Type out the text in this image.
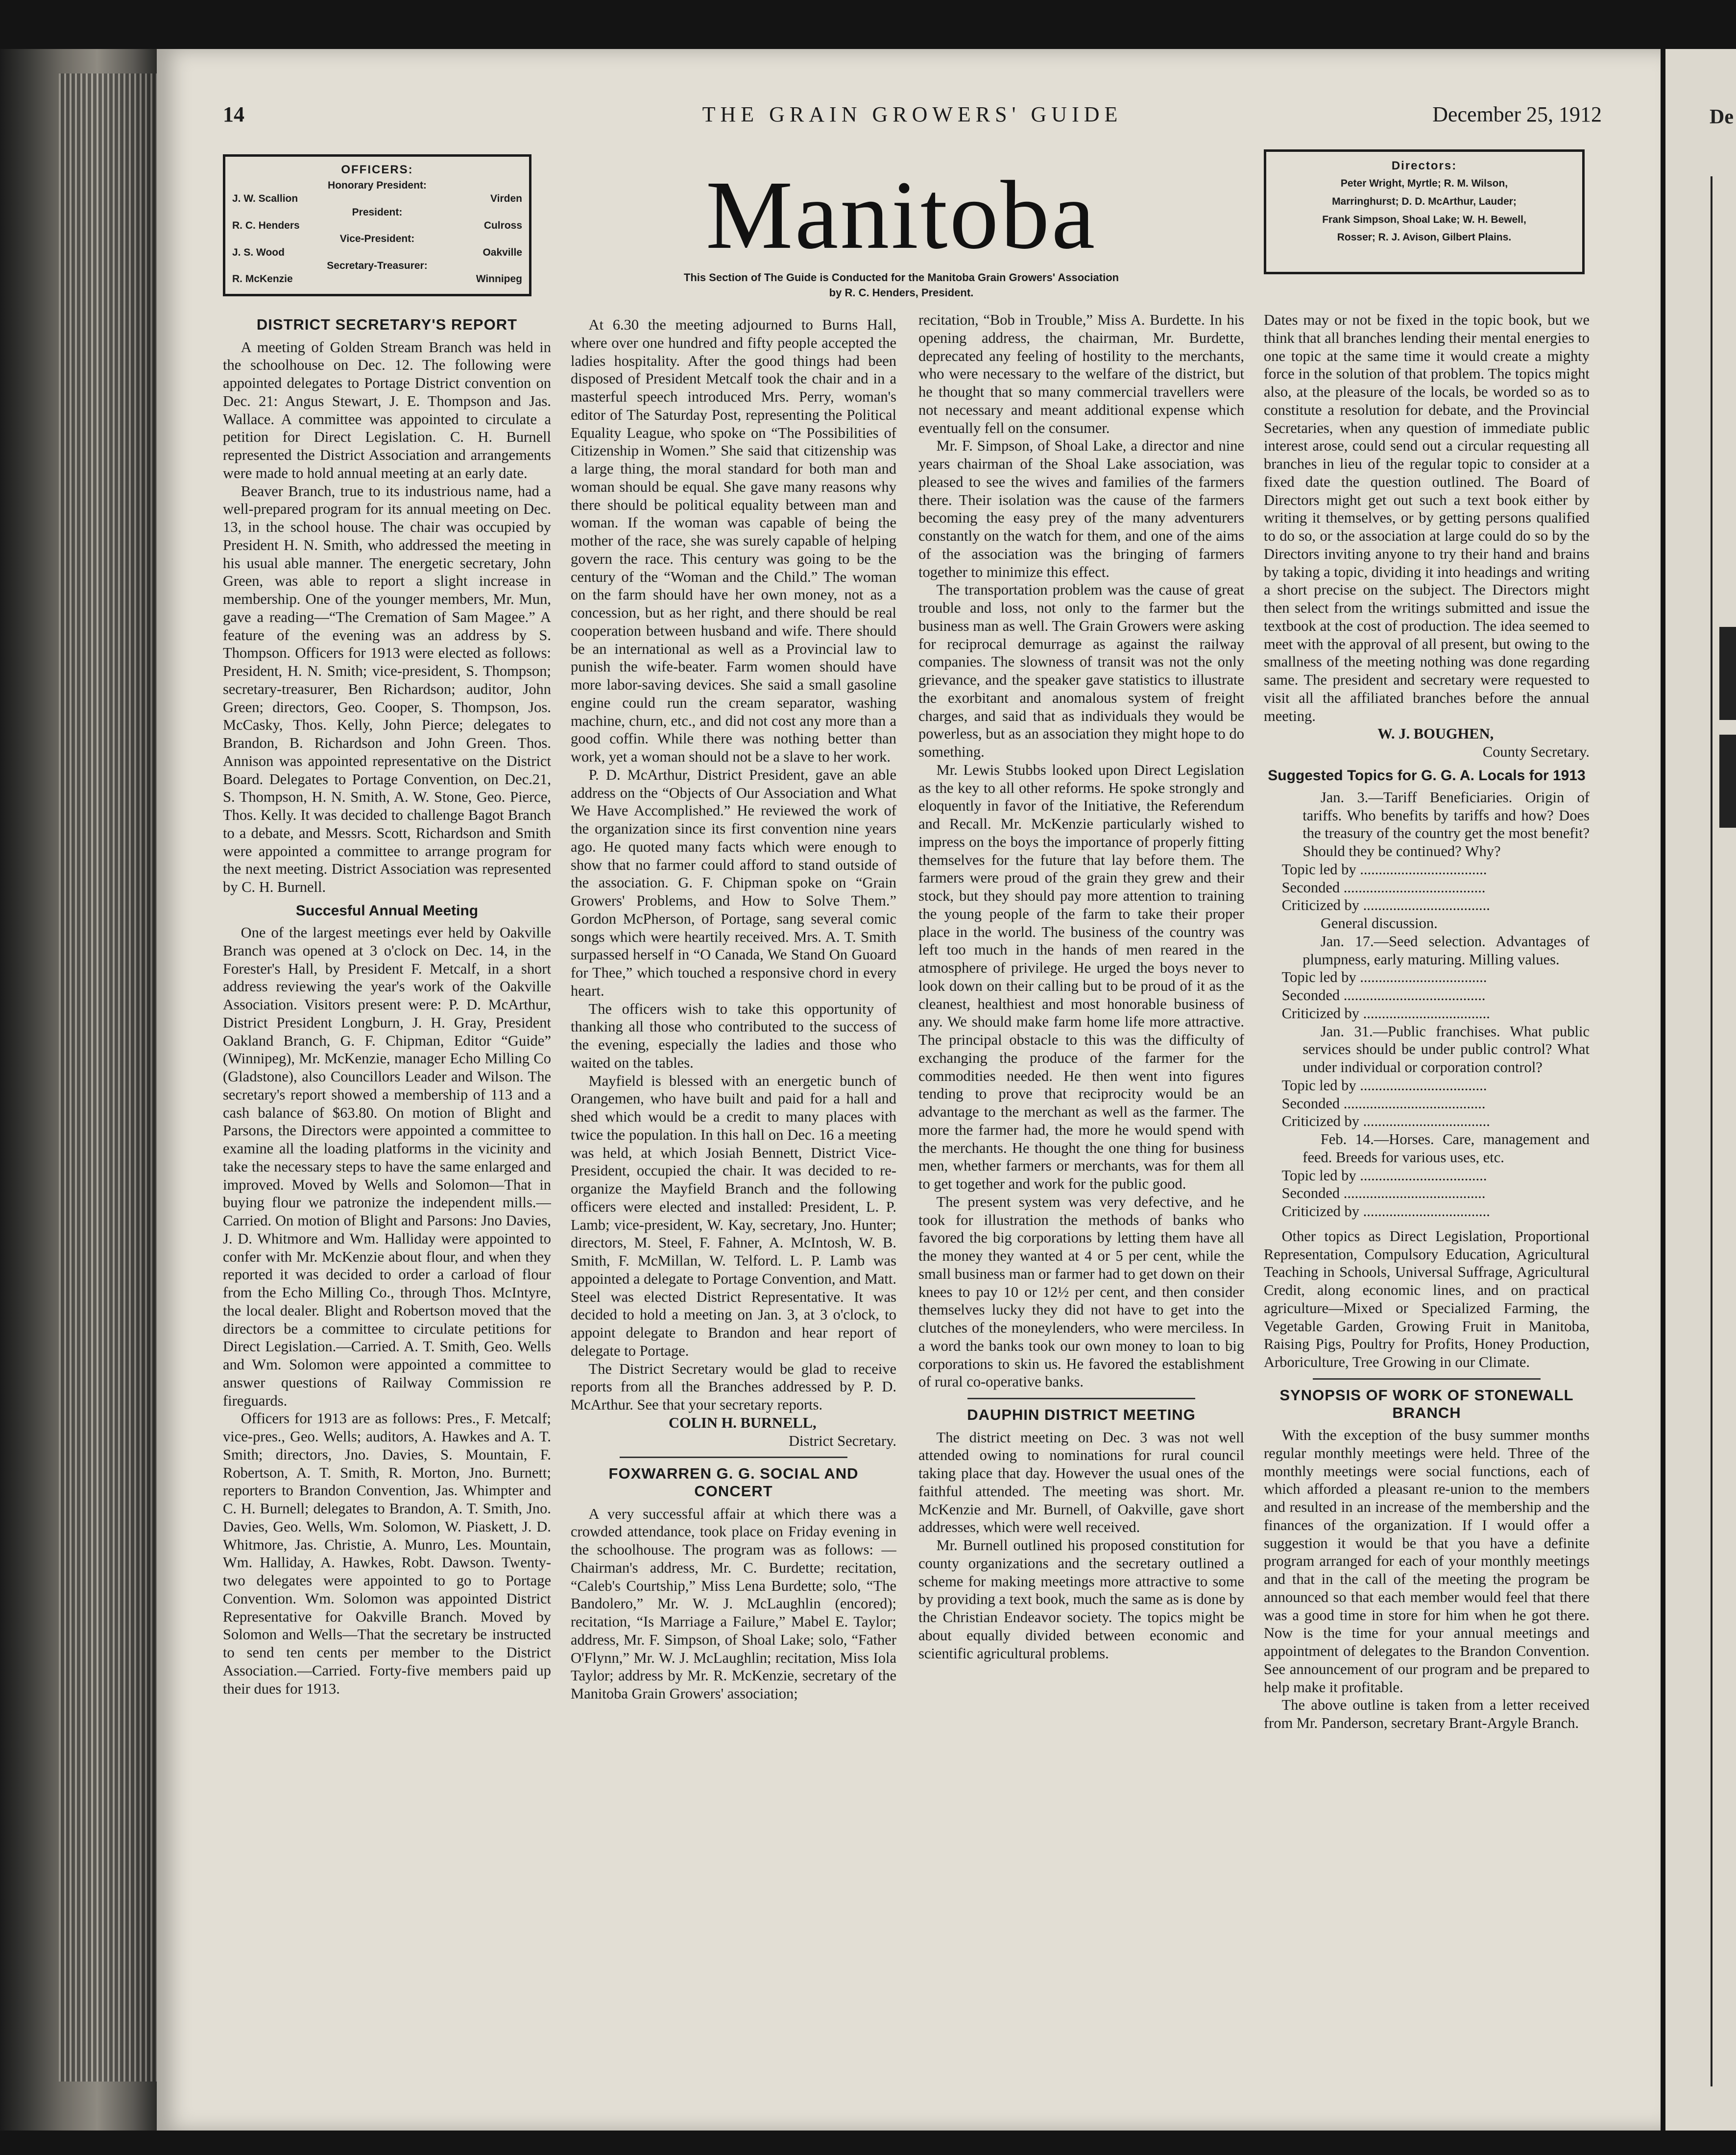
14	THE GRAIN GROWERS' GUIDE	December 25, 1912
OFFICERS:
Honorary President:
J. W. Scallion	Virden
President:
R. C. Henders	Culross
Vice-President:
J. S. Wood	Oakville
Secretary-Treasurer:
R. McKenzie	Winnipeg
Manitoba
This Section of The Guide is Conducted for the Manitoba Grain Growers' Association
by R. C. Henders, President.
Directors:
Peter Wright, Myrtle; R. M. Wilson,
Marringhurst; D. D. McArthur, Lauder;
Frank Simpson, Shoal Lake; W. H. Bewell,
Rosser; R. J. Avison, Gilbert Plains.
DISTRICT SECRETARY'S REPORT

A meeting of Golden Stream Branch was held in the schoolhouse on Dec. 12. The following were appointed delegates to Portage District convention on Dec. 21: Angus Stewart, J. E. Thompson and Jas. Wallace. A committee was appointed to circulate a petition for Direct Legislation. C. H. Burnell represented the District Association and arrangements were made to hold annual meeting at an early date.

Beaver Branch, true to its industrious name, had a well-prepared program for its annual meeting on Dec. 13, in the school house. The chair was occupied by President H. N. Smith, who addressed the meeting in his usual able manner. The energetic secretary, John Green, was able to report a slight increase in membership. One of the younger members, Mr. Mun, gave a reading—“The Cremation of Sam Magee.” A feature of the evening was an address by S. Thompson. Officers for 1913 were elected as follows: President, H. N. Smith; vice-president, S. Thompson; secretary-treasurer, Ben Richardson; auditor, John Green; directors, Geo. Cooper, S. Thompson, Jos. McCasky, Thos. Kelly, John Pierce; delegates to Brandon, B. Richardson and John Green. Thos. Annison was appointed representative on the District Board. Delegates to Portage Convention, on Dec.21, S. Thompson, H. N. Smith, A. W. Stone, Geo. Pierce, Thos. Kelly. It was decided to challenge Bagot Branch to a debate, and Messrs. Scott, Richardson and Smith were appointed a committee to arrange program for the next meeting. District Association was represented by C. H. Burnell.

Succesful Annual Meeting

One of the largest meetings ever held by Oakville Branch was opened at 3 o'clock on Dec. 14, in the Forester's Hall, by President F. Metcalf, in a short address reviewing the year's work of the Oakville Association. Visitors present were: P. D. McArthur, District President Longburn, J. H. Gray, President Oakland Branch, G. F. Chipman, Editor “Guide” (Winnipeg), Mr. McKenzie, manager Echo Milling Co (Gladstone), also Councillors Leader and Wilson. The secretary's report showed a membership of 113 and a cash balance of $63.80. On motion of Blight and Parsons, the Directors were appointed a committee to examine all the loading platforms in the vicinity and take the necessary steps to have the same enlarged and improved. Moved by Wells and Solomon—That in buying flour we patronize the independent mills.—Carried. On motion of Blight and Parsons: Jno Davies, J. D. Whitmore and Wm. Halliday were appointed to confer with Mr. McKenzie about flour, and when they reported it was decided to order a carload of flour from the Echo Milling Co., through Thos. McIntyre, the local dealer. Blight and Robertson moved that the directors be a committee to circulate petitions for Direct Legislation.—Carried. A. T. Smith, Geo. Wells and Wm. Solomon were appointed a committee to answer questions of Railway Commission re fireguards.

Officers for 1913 are as follows: Pres., F. Metcalf; vice-pres., Geo. Wells; auditors, A. Hawkes and A. T. Smith; directors, Jno. Davies, S. Mountain, F. Robertson, A. T. Smith, R. Morton, Jno. Burnett; reporters to Brandon Convention, Jas. Whimpter and C. H. Burnell; delegates to Brandon, A. T. Smith, Jno. Davies, Geo. Wells, Wm. Solomon, W. Piaskett, J. D. Whitmore, Jas. Christie, A. Munro, Les. Mountain, Wm. Halliday, A. Hawkes, Robt. Dawson. Twenty-two delegates were appointed to go to Portage Convention. Wm. Solomon was appointed District Representative for Oakville Branch. Moved by Solomon and Wells—That the secretary be instructed to send ten cents per member to the District Association.—Carried. Forty-five members paid up their dues for 1913.

At 6.30 the meeting adjourned to Burns Hall, where over one hundred and fifty people accepted the ladies hospitality. After the good things had been disposed of President Metcalf took the chair and in a masterful speech introduced Mrs. Perry, woman's editor of The Saturday Post, representing the Political Equality League, who spoke on “The Possibilities of Citizenship in Women.” She said that citizenship was a large thing, the moral standard for both man and woman should be equal. She gave many reasons why there should be political equality between man and woman. If the woman was capable of being the mother of the race, she was surely capable of helping govern the race. This century was going to be the century of the “Woman and the Child.” The woman on the farm should have her own money, not as a concession, but as her right, and there should be real cooperation between husband and wife. There should be an international as well as a Provincial law to punish the wife-beater. Farm women should have more labor-saving devices. She said a small gasoline engine could run the cream separator, washing machine, churn, etc., and did not cost any more than a good coffin. While there was nothing better than work, yet a woman should not be a slave to her work.

P. D. McArthur, District President, gave an able address on the “Objects of Our Association and What We Have Accomplished.” He reviewed the work of the organization since its first convention nine years ago. He quoted many facts which were enough to show that no farmer could afford to stand outside of the association. G. F. Chipman spoke on “Grain Growers' Problems, and How to Solve Them.” Gordon McPherson, of Portage, sang several comic songs which were heartily received. Mrs. A. T. Smith surpassed herself in “O Canada, We Stand On Guoard for Thee,” which touched a responsive chord in every heart.

The officers wish to take this opportunity of thanking all those who contributed to the success of the evening, especially the ladies and those who waited on the tables.

Mayfield is blessed with an energetic bunch of Orangemen, who have built and paid for a hall and shed which would be a credit to many places with twice the population. In this hall on Dec. 16 a meeting was held, at which Josiah Bennett, District Vice-President, occupied the chair. It was decided to re-organize the Mayfield Branch and the following officers were elected and installed: President, L. P. Lamb; vice-president, W. Kay, secretary, Jno. Hunter; directors, M. Steel, F. Fahner, A. McIntosh, W. B. Smith, F. McMillan, W. Telford. L. P. Lamb was appointed a delegate to Portage Convention, and Matt. Steel was elected District Representative. It was decided to hold a meeting on Jan. 3, at 3 o'clock, to appoint delegate to Brandon and hear report of delegate to Portage.

The District Secretary would be glad to receive reports from all the Branches addressed by P. D. McArthur. See that your secretary reports.

COLIN H. BURNELL,

District Secretary.

FOXWARREN G. G. SOCIAL AND CONCERT

A very successful affair at which there was a crowded attendance, took place on Friday evening in the schoolhouse. The program was as follows: —Chairman's address, Mr. C. Burdette; recitation, “Caleb's Courtship,” Miss Lena Burdette; solo, “The Bandolero,” Mr. W. J. McLaughlin (encored); recitation, “Is Marriage a Failure,” Mabel E. Taylor; address, Mr. F. Simpson, of Shoal Lake; solo, “Father O'Flynn,” Mr. W. J. McLaughlin; recitation, Miss Iola Taylor; address by Mr. R. McKenzie, secretary of the Manitoba Grain Growers' association;

recitation, “Bob in Trouble,” Miss A. Burdette. In his opening address, the chairman, Mr. Burdette, deprecated any feeling of hostility to the merchants, who were necessary to the welfare of the district, but he thought that so many commercial travellers were not necessary and meant additional expense which eventually fell on the consumer.

Mr. F. Simpson, of Shoal Lake, a director and nine years chairman of the Shoal Lake association, was pleased to see the wives and families of the farmers there. Their isolation was the cause of the farmers becoming the easy prey of the many adventurers constantly on the watch for them, and one of the aims of the association was the bringing of farmers together to minimize this effect.

The transportation problem was the cause of great trouble and loss, not only to the farmer but the business man as well. The Grain Growers were asking for reciprocal demurrage as against the railway companies. The slowness of transit was not the only grievance, and the speaker gave statistics to illustrate the exorbitant and anomalous system of freight charges, and said that as individuals they would be powerless, but as an association they might hope to do something.

Mr. Lewis Stubbs looked upon Direct Legislation as the key to all other reforms. He spoke strongly and eloquently in favor of the Initiative, the Referendum and Recall. Mr. McKenzie particularly wished to impress on the boys the importance of properly fitting themselves for the future that lay before them. The farmers were proud of the grain they grew and their stock, but they should pay more attention to training the young people of the farm to take their proper place in the world. The business of the country was left too much in the hands of men reared in the atmosphere of privilege. He urged the boys never to look down on their calling but to be proud of it as the cleanest, healthiest and most honorable business of any. We should make farm home life more attractive. The principal obstacle to this was the difficulty of exchanging the produce of the farmer for the commodities needed. He then went into figures tending to prove that reciprocity would be an advantage to the merchant as well as the farmer. The more the farmer had, the more he would spend with the merchants. He thought the one thing for business men, whether farmers or merchants, was for them all to get together and work for the public good.

The present system was very defective, and he took for illustration the methods of banks who favored the big corporations by letting them have all the money they wanted at 4 or 5 per cent, while the small business man or farmer had to get down on their knees to pay 10 or 12½ per cent, and then consider themselves lucky they did not have to get into the clutches of the moneylenders, who were merciless. In a word the banks took our own money to loan to big corporations to skin us. He favored the establishment of rural co-operative banks.

DAUPHIN DISTRICT MEETING

The district meeting on Dec. 3 was not well attended owing to nominations for rural council taking place that day. However the usual ones of the faithful attended. The meeting was short. Mr. McKenzie and Mr. Burnell, of Oakville, gave short addresses, which were well received.

Mr. Burnell outlined his proposed constitution for county organizations and the secretary outlined a scheme for making meetings more attractive to some by providing a text book, much the same as is done by the Christian Endeavor society. The topics might be about equally divided between economic and scientific agricultural problems.

Dates may or not be fixed in the topic book, but we think that all branches lending their mental energies to one topic at the same time it would create a mighty force in the solution of that problem. The topics might also, at the pleasure of the locals, be worded so as to constitute a resolution for debate, and the Provincial Secretaries, when any question of immediate public interest arose, could send out a circular requesting all branches in lieu of the regular topic to consider at a fixed date the question outlined. The Board of Directors might get out such a text book either by writing it themselves, or by getting persons qualified to do so, or the association at large could do so by the Directors inviting anyone to try their hand and brains by taking a topic, dividing it into headings and writing a short precise on the subject. The Directors might then select from the writings submitted and issue the textbook at the cost of production. The idea seemed to meet with the approval of all present, but owing to the smallness of the meeting nothing was done regarding same. The president and secretary were requested to visit all the affiliated branches before the annual meeting.

W. J. BOUGHEN,

County Secretary.

Suggested Topics for G. G. A. Locals for 1913

Jan. 3.—Tariff Beneficiaries. Origin of tariffs. Who benefits by tariffs and how? Does the treasury of the country get the most benefit? Should they be continued? Why?

Topic led by ..................................

Seconded ......................................

Criticized by ..................................

General discussion.

Jan. 17.—Seed selection. Advantages of plumpness, early maturing. Milling values.

Topic led by ..................................

Seconded ......................................

Criticized by ..................................

Jan. 31.—Public franchises. What public services should be under public control? What under individual or corporation control?

Topic led by ..................................

Seconded ......................................

Criticized by ..................................

Feb. 14.—Horses. Care, management and feed. Breeds for various uses, etc.

Topic led by ..................................

Seconded ......................................

Criticized by ..................................

Other topics as Direct Legislation, Proportional Representation, Compulsory Education, Agricultural Teaching in Schools, Universal Suffrage, Agricultural Credit, along economic lines, and on practical agriculture—Mixed or Specialized Farming, the Vegetable Garden, Growing Fruit in Manitoba, Raising Pigs, Poultry for Profits, Honey Production, Arboriculture, Tree Growing in our Climate.

SYNOPSIS OF WORK OF STONEWALL BRANCH

With the exception of the busy summer months regular monthly meetings were held. Three of the monthly meetings were social functions, each of which afforded a pleasant re-union to the members and resulted in an increase of the membership and the finances of the organization. If I would offer a suggestion it would be that you have a definite program arranged for each of your monthly meetings and that in the call of the meeting the program be announced so that each member would feel that there was a good time in store for him when he got there. Now is the time for your annual meetings and appointment of delegates to the Brandon Convention. See announcement of our program and be prepared to help make it profitable.

The above outline is taken from a letter received from Mr. Panderson, secretary Brant-Argyle Branch.

De
